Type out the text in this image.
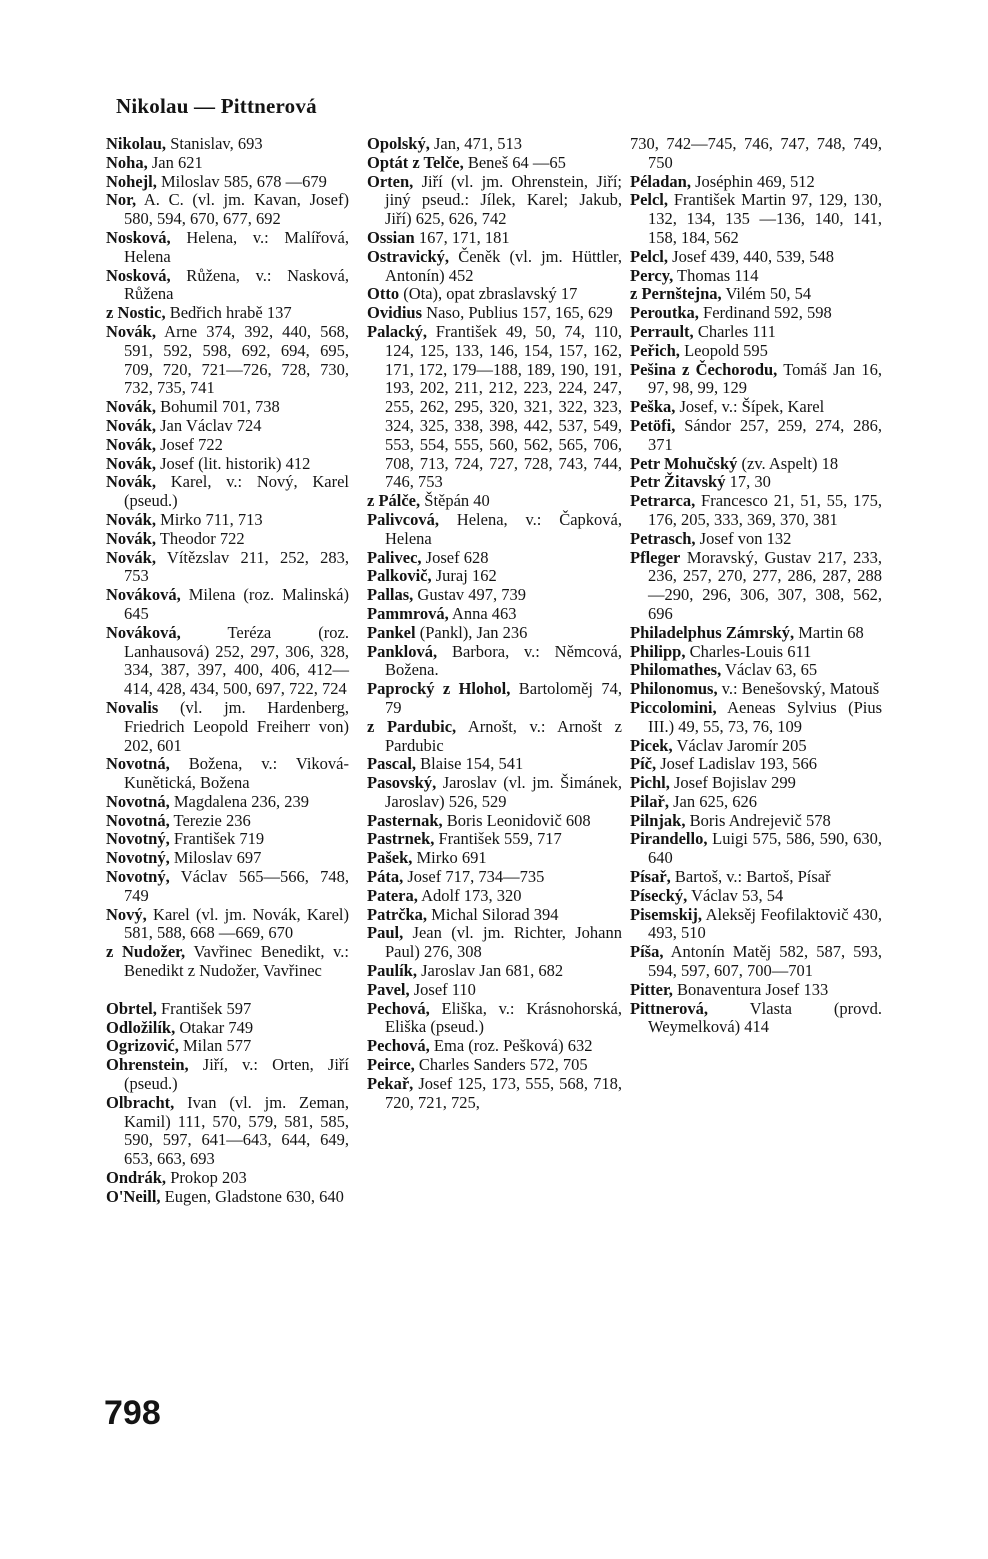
Nikolau — Pittnerová

Nikolau, Stanislav, 693

Noha, Jan 621

Nohejl, Miloslav 585, 678 —679

Nor, A. C. (vl. jm. Kavan, Josef) 580, 594, 670, 677, 692

Nosková, Helena, v.: Malířová, Helena

Nosková, Růžena, v.: Nasková, Růžena

z Nostic, Bedřich hrabě 137

Novák, Arne 374, 392, 440, 568, 591, 592, 598, 692, 694, 695, 709, 720, 721—726, 728, 730, 732, 735, 741

Novák, Bohumil 701, 738

Novák, Jan Václav 724

Novák, Josef 722

Novák, Josef (lit. historik) 412

Novák, Karel, v.: Nový, Karel (pseud.)

Novák, Mirko 711, 713

Novák, Theodor 722

Novák, Vítězslav 211, 252, 283, 753

Nováková, Milena (roz. Malinská) 645

Nováková, Teréza (roz. Lanhausová) 252, 297, 306, 328, 334, 387, 397, 400, 406, 412—414, 428, 434, 500, 697, 722, 724

Novalis (vl. jm. Hardenberg, Friedrich Leopold Freiherr von) 202, 601

Novotná, Božena, v.: Viková-Kunětická, Božena

Novotná, Magdalena 236, 239

Novotná, Terezie 236

Novotný, František 719

Novotný, Miloslav 697

Novotný, Václav 565—566, 748, 749

Nový, Karel (vl. jm. Novák, Karel) 581, 588, 668 —669, 670

z Nudožer, Vavřinec Benedikt, v.: Benedikt z Nudožer, Vavřinec

Obrtel, František 597

Odložilík, Otakar 749

Ogrizović, Milan 577

Ohrenstein, Jiří, v.: Orten, Jiří (pseud.)

Olbracht, Ivan (vl. jm. Zeman, Kamil) 111, 570, 579, 581, 585, 590, 597, 641—643, 644, 649, 653, 663, 693

Ondrák, Prokop 203

O'Neill, Eugen, Gladstone 630, 640

Opolský, Jan, 471, 513

Optát z Telče, Beneš 64 —65

Orten, Jiří (vl. jm. Ohrenstein, Jiří; jiný pseud.: Jílek, Karel; Jakub, Jiří) 625, 626, 742

Ossian 167, 171, 181

Ostravický, Čeněk (vl. jm. Hüttler, Antonín) 452

Otto (Ota), opat zbraslavský 17

Ovidius Naso, Publius 157, 165, 629

Palacký, František 49, 50, 74, 110, 124, 125, 133, 146, 154, 157, 162, 171, 172, 179—188, 189, 190, 191, 193, 202, 211, 212, 223, 224, 247, 255, 262, 295, 320, 321, 322, 323, 324, 325, 338, 398, 442, 537, 549, 553, 554, 555, 560, 562, 565, 706, 708, 713, 724, 727, 728, 743, 744, 746, 753

z Pálče, Štěpán 40

Palivcová, Helena, v.: Čapková, Helena

Palivec, Josef 628

Palkovič, Juraj 162

Pallas, Gustav 497, 739

Pammrová, Anna 463

Pankel (Pankl), Jan 236

Panklová, Barbora, v.: Němcová, Božena.

Paprocký z Hlohol, Bartoloměj 74, 79

z Pardubic, Arnošt, v.: Arnošt z Pardubic

Pascal, Blaise 154, 541

Pasovský, Jaroslav (vl. jm. Šimánek, Jaroslav) 526, 529

Pasternak, Boris Leonidovič 608

Pastrnek, František 559, 717

Pašek, Mirko 691

Páta, Josef 717, 734—735

Patera, Adolf 173, 320

Patrčka, Michal Silorad 394

Paul, Jean (vl. jm. Richter, Johann Paul) 276, 308

Paulík, Jaroslav Jan 681, 682

Pavel, Josef 110

Pechová, Eliška, v.: Krásnohorská, Eliška (pseud.)

Pechová, Ema (roz. Pešková) 632

Peirce, Charles Sanders 572, 705

Pekař, Josef 125, 173, 555, 568, 718, 720, 721, 725,

730, 742—745, 746, 747, 748, 749, 750

Péladan, Joséphin 469, 512

Pelcl, František Martin 97, 129, 130, 132, 134, 135 —136, 140, 141, 158, 184, 562

Pelcl, Josef 439, 440, 539, 548

Percy, Thomas 114

z Pernštejna, Vilém 50, 54

Peroutka, Ferdinand 592, 598

Perrault, Charles 111

Peřich, Leopold 595

Pešina z Čechorodu, Tomáš Jan 16, 97, 98, 99, 129

Peška, Josef, v.: Šípek, Karel

Petöfi, Sándor 257, 259, 274, 286, 371

Petr Mohučský (zv. Aspelt) 18

Petr Žitavský 17, 30

Petrarca, Francesco 21, 51, 55, 175, 176, 205, 333, 369, 370, 381

Petrasch, Josef von 132

Pfleger Moravský, Gustav 217, 233, 236, 257, 270, 277, 286, 287, 288—290, 296, 306, 307, 308, 562, 696

Philadelphus Zámrský, Martin 68

Philipp, Charles-Louis 611

Philomathes, Václav 63, 65

Philonomus, v.: Benešovský, Matouš

Piccolomini, Aeneas Sylvius (Pius III.) 49, 55, 73, 76, 109

Picek, Václav Jaromír 205

Píč, Josef Ladislav 193, 566

Pichl, Josef Bojislav 299

Pilař, Jan 625, 626

Pilnjak, Boris Andrejevič 578

Pirandello, Luigi 575, 586, 590, 630, 640

Písař, Bartoš, v.: Bartoš, Písař

Písecký, Václav 53, 54

Pisemskij, Aleksěj Feofilaktovič 430, 493, 510

Píša, Antonín Matěj 582, 587, 593, 594, 597, 607, 700—701

Pitter, Bonaventura Josef 133

Pittnerová, Vlasta (provd. Weymelková) 414

798
